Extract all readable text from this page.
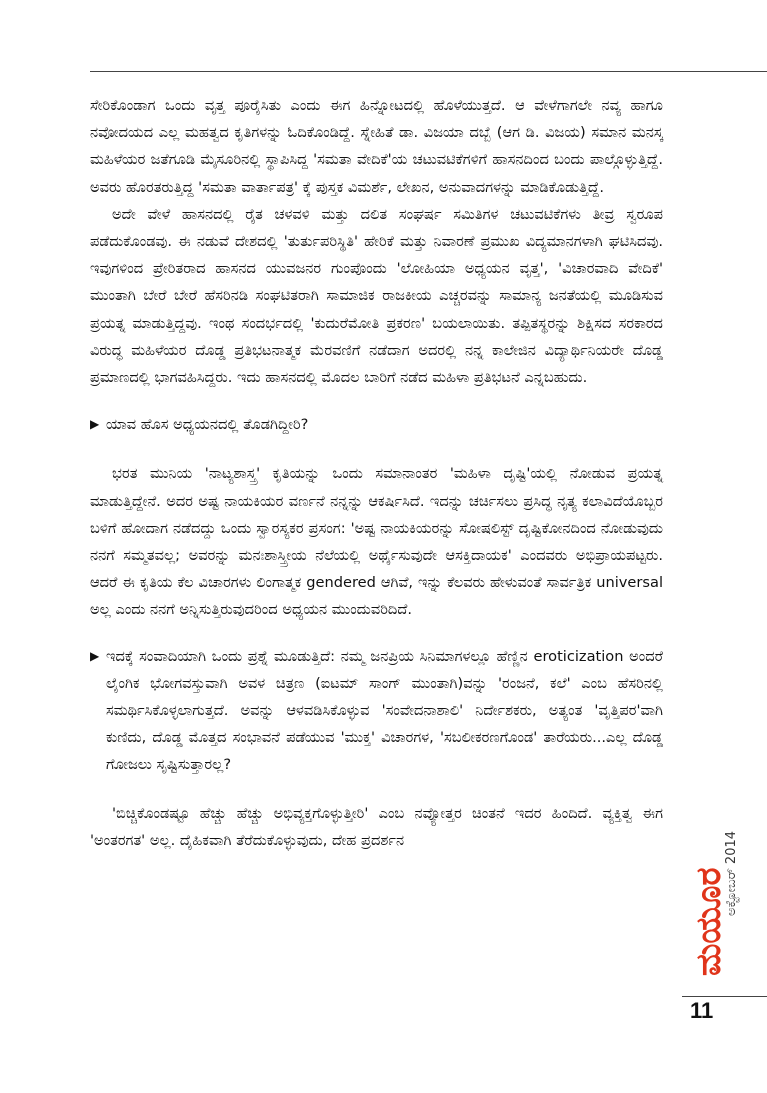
ಸೇರಿಕೊಂಡಾಗ ಒಂದು ವೃತ್ತ ಪೂರೈಸಿತು ಎಂದು ಈಗ ಹಿನ್ನೋಟದಲ್ಲಿ ಹೊಳೆಯುತ್ತದೆ. ಆ ವೇಳೆಗಾಗಲೇ ನವ್ಯ ಹಾಗೂ ನವೋದಯದ ಎಲ್ಲ ಮಹತ್ವದ ಕೃತಿಗಳನ್ನು ಓದಿಕೊಂಡಿದ್ದೆ. ಸ್ನೇಹಿತೆ ಡಾ. ವಿಜಯಾ ದಬ್ಬೆ (ಆಗ ಡಿ. ವಿಜಯ) ಸಮಾನ ಮನಸ್ಕ ಮಹಿಳೆಯರ ಜತೆಗೂಡಿ ಮೈಸೂರಿನಲ್ಲಿ ಸ್ಥಾಪಿಸಿದ್ದ 'ಸಮತಾ ವೇದಿಕೆ'ಯ ಚಟುವಟಿಕೆಗಳಿಗೆ ಹಾಸನದಿಂದ ಬಂದು ಪಾಲ್ಗೊಳ್ಳುತ್ತಿದ್ದೆ. ಅವರು ಹೊರತರುತ್ತಿದ್ದ 'ಸಮತಾ ವಾರ್ತಾಪತ್ರ' ಕ್ಕೆ ಪುಸ್ತಕ ವಿಮರ್ಶೆ, ಲೇಖನ, ಅನುವಾದಗಳನ್ನು ಮಾಡಿಕೊಡುತ್ತಿದ್ದೆ.

ಅದೇ ವೇಳೆ ಹಾಸನದಲ್ಲಿ ರೈತ ಚಳವಳಿ ಮತ್ತು ದಲಿತ ಸಂಘರ್ಷ ಸಮಿತಿಗಳ ಚಟುವಟಿಕೆಗಳು ತೀವ್ರ ಸ್ವರೂಪ ಪಡೆದುಕೊಂಡವು. ಈ ನಡುವೆ ದೇಶದಲ್ಲಿ 'ತುರ್ತುಪರಿಸ್ಥಿತಿ' ಹೇರಿಕೆ ಮತ್ತು ನಿವಾರಣೆ ಪ್ರಮುಖ ವಿದ್ಯಮಾನಗಳಾಗಿ ಘಟಿಸಿದವು. ಇವುಗಳಿಂದ ಪ್ರೇರಿತರಾದ ಹಾಸನದ ಯುವಜನರ ಗುಂಪೊಂದು 'ಲೋಹಿಯಾ ಅಧ್ಯಯನ ವೃತ್ತ', 'ವಿಚಾರವಾದಿ ವೇದಿಕೆ' ಮುಂತಾಗಿ ಬೇರೆ ಬೇರೆ ಹೆಸರಿನಡಿ ಸಂಘಟಿತರಾಗಿ ಸಾಮಾಜಿಕ ರಾಜಕೀಯ ಎಚ್ಚರವನ್ನು ಸಾಮಾನ್ಯ ಜನತೆಯಲ್ಲಿ ಮೂಡಿಸುವ ಪ್ರಯತ್ನ ಮಾಡುತ್ತಿದ್ದವು. ಇಂಥ ಸಂದರ್ಭದಲ್ಲಿ 'ಕುದುರೆಮೋತಿ ಪ್ರಕರಣ' ಬಯಲಾಯಿತು. ತಪ್ಪಿತಸ್ಥರನ್ನು ಶಿಕ್ಷಿಸದ ಸರಕಾರದ ವಿರುದ್ಧ ಮಹಿಳೆಯರ ದೊಡ್ಡ ಪ್ರತಿಭಟನಾತ್ಮಕ ಮೆರವಣಿಗೆ ನಡೆದಾಗ ಅದರಲ್ಲಿ ನನ್ನ ಕಾಲೇಜಿನ ವಿದ್ಯಾರ್ಥಿನಿಯರೇ ದೊಡ್ಡ ಪ್ರಮಾಣದಲ್ಲಿ ಭಾಗವಹಿಸಿದ್ದರು. ಇದು ಹಾಸನದಲ್ಲಿ ಮೊದಲ ಬಾರಿಗೆ ನಡೆದ ಮಹಿಳಾ ಪ್ರತಿಭಟನೆ ಎನ್ನಬಹುದು.

▶ ಯಾವ ಹೊಸ ಅಧ್ಯಯನದಲ್ಲಿ ತೊಡಗಿದ್ದೀರಿ?

ಭರತ ಮುನಿಯ 'ನಾಟ್ಯಶಾಸ್ತ್ರ' ಕೃತಿಯನ್ನು ಒಂದು ಸಮಾನಾಂತರ 'ಮಹಿಳಾ ದೃಷ್ಟಿ'ಯಲ್ಲಿ ನೋಡುವ ಪ್ರಯತ್ನ ಮಾಡುತ್ತಿದ್ದೇನೆ. ಅದರ ಅಷ್ಟ ನಾಯಕಿಯರ ವರ್ಣನೆ ನನ್ನನ್ನು ಆಕರ್ಷಿಸಿದೆ. ಇದನ್ನು ಚರ್ಚಿಸಲು ಪ್ರಸಿದ್ಧ ನೃತ್ಯ ಕಲಾವಿದೆಯೊಬ್ಬರ ಬಳಿಗೆ ಹೋದಾಗ ನಡೆದದ್ದು ಒಂದು ಸ್ವಾರಸ್ಯಕರ ಪ್ರಸಂಗ: 'ಅಷ್ಟ ನಾಯಕಿಯರನ್ನು ಸೋಷಲಿಸ್ಟ್ ದೃಷ್ಟಿಕೋನದಿಂದ ನೋಡುವುದು ನನಗೆ ಸಮ್ಮತವಲ್ಲ; ಅವರನ್ನು ಮನಃಶಾಸ್ತ್ರೀಯ ನೆಲೆಯಲ್ಲಿ ಅರ್ಥೈಸುವುದೇ ಆಸಕ್ತಿದಾಯಕ' ಎಂದವರು ಅಭಿಪ್ರಾಯಪಟ್ಟರು. ಆದರೆ ಈ ಕೃತಿಯ ಕೆಲ ವಿಚಾರಗಳು ಲಿಂಗಾತ್ಮಕ gendered ಆಗಿವೆ, ಇನ್ನು ಕೆಲವರು ಹೇಳುವಂತೆ ಸಾರ್ವತ್ರಿಕ universal ಅಲ್ಲ ಎಂದು ನನಗೆ ಅನ್ನಿಸುತ್ತಿರುವುದರಿಂದ ಅಧ್ಯಯನ ಮುಂದುವರಿದಿದೆ.

▶ ಇದಕ್ಕೆ ಸಂವಾದಿಯಾಗಿ ಒಂದು ಪ್ರಶ್ನೆ ಮೂಡುತ್ತಿದೆ: ನಮ್ಮ ಜನಪ್ರಿಯ ಸಿನಿಮಾಗಳಲ್ಲೂ ಹೆಣ್ಣಿನ eroticization ಅಂದರೆ ಲೈಂಗಿಕ ಭೋಗವಸ್ತುವಾಗಿ ಅವಳ ಚಿತ್ರಣ (ಐಟಮ್ ಸಾಂಗ್ ಮುಂತಾಗಿ)ವನ್ನು 'ರಂಜನೆ, ಕಲೆ' ಎಂಬ ಹೆಸರಿನಲ್ಲಿ ಸಮರ್ಥಿಸಿಕೊಳ್ಳಲಾಗುತ್ತದೆ. ಅವನ್ನು ಆಳವಡಿಸಿಕೊಳ್ಳುವ 'ಸಂವೇದನಾಶಾಲಿ' ನಿರ್ದೇಶಕರು, ಅತ್ಯಂತ 'ವೃತ್ತಿಪರ'ವಾಗಿ ಕುಣಿದು, ದೊಡ್ಡ ಮೊತ್ತದ ಸಂಭಾವನೆ ಪಡೆಯುವ 'ಮುಕ್ತ' ವಿಚಾರಗಳ, 'ಸಬಲೀಕರಣಗೊಂಡ' ತಾರೆಯರು...ಎಲ್ಲ ದೊಡ್ಡ ಗೋಜಲು ಸೃಷ್ಟಿಸುತ್ತಾರಲ್ಲ?

'ಬಿಚ್ಚಿಕೊಂಡಷ್ಟೂ ಹೆಚ್ಚು ಹೆಚ್ಚು ಅಭಿವ್ಯಕ್ತಗೊಳ್ಳುತ್ತೀರಿ' ಎಂಬ ನವ್ಯೋತ್ತರ ಚಿಂತನೆ ಇದರ ಹಿಂದಿದೆ. ವ್ಯಕ್ತಿತ್ವ ಈಗ 'ಅಂತರಗತ' ಅಲ್ಲ. ದೈಹಿಕವಾಗಿ ತೆರೆದುಕೊಳ್ಳುವುದು, ದೇಹ ಪ್ರದರ್ಶನ

ಮಯೂರ
ಅಕ್ಟೋಬರ್ 2014
11
